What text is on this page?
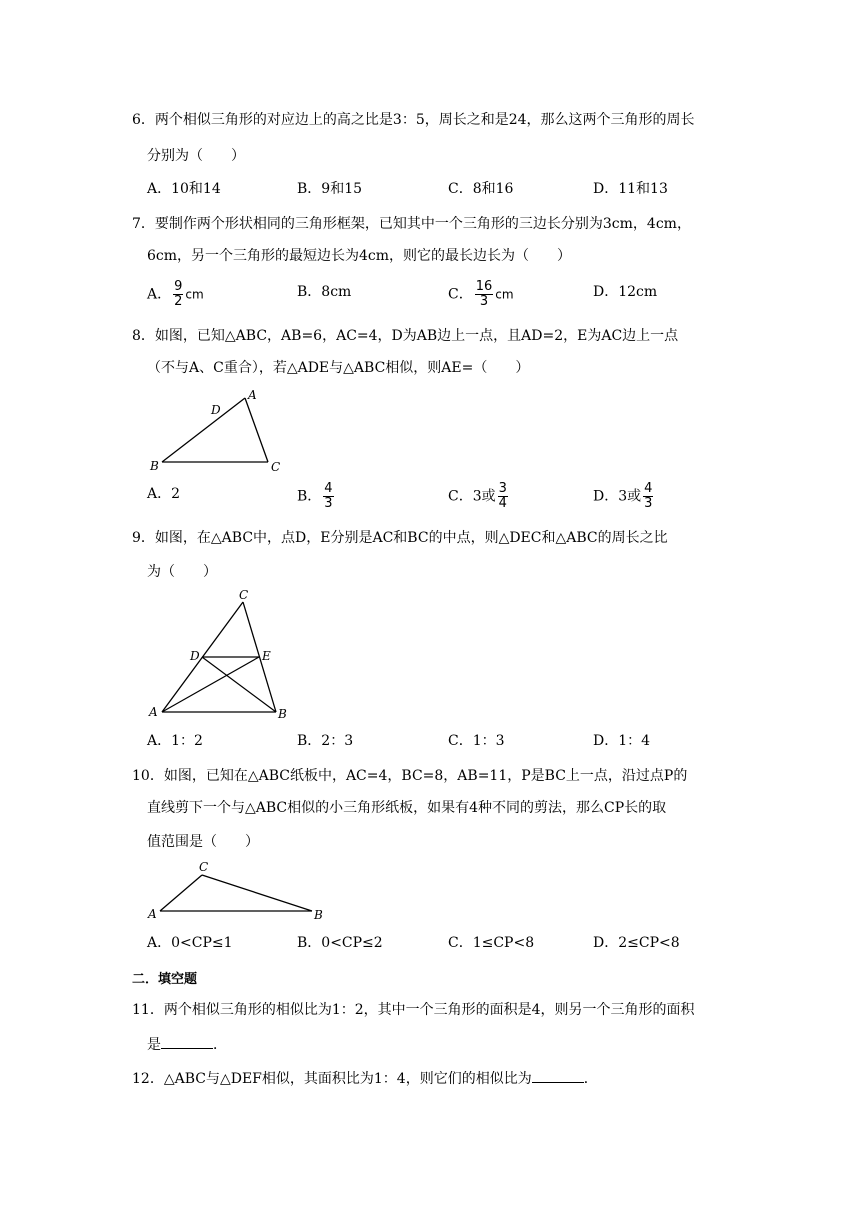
6．两个相似三角形的对应边上的高之比是3：5，周长之和是24，那么这两个三角形的周长
分别为（　　）
A．10和14	B．9和15	C．8和16	D．11和13
7．要制作两个形状相同的三角形框架，已知其中一个三角形的三边长分别为3cm，4cm，
6cm，另一个三角形的最短边长为4cm，则它的最长边长为（　　）
A． $\frac{9}{2}$ cm	B．8cm	C． $\frac{16}{3}$ cm	D．12cm
8．如图，已知△ABC，AB=6，AC=4，D为AB边上一点，且AD=2，E为AC边上一点
（不与A、C重合），若△ADE与△ABC相似，则AE=（　　）
A
B	C
D
A．2	B． $\frac{4}{3}$	C．3或 $\frac{3}{4}$	D．3或 $\frac{4}{3}$
9．如图，在△ABC中，点D，E分别是AC和BC的中点，则△DEC和△ABC的周长之比
为（　　）
C
D	E
A	B
A．1：2	B．2：3	C．1：3	D．1：4
10．如图，已知在△ABC纸板中，AC=4，BC=8，AB=11，P是BC上一点，沿过点P的
直线剪下一个与△ABC相似的小三角形纸板，如果有4种不同的剪法，那么CP长的取
值范围是（　　）
C
A	B
A．0<CP≤1	B．0<CP≤2	C．1≤CP<8	D．2≤CP<8
二．填空题
11．两个相似三角形的相似比为1：2，其中一个三角形的面积是4，则另一个三角形的面积
是	．
12．△ABC与△DEF相似，其面积比为1：4，则它们的相似比为	．
